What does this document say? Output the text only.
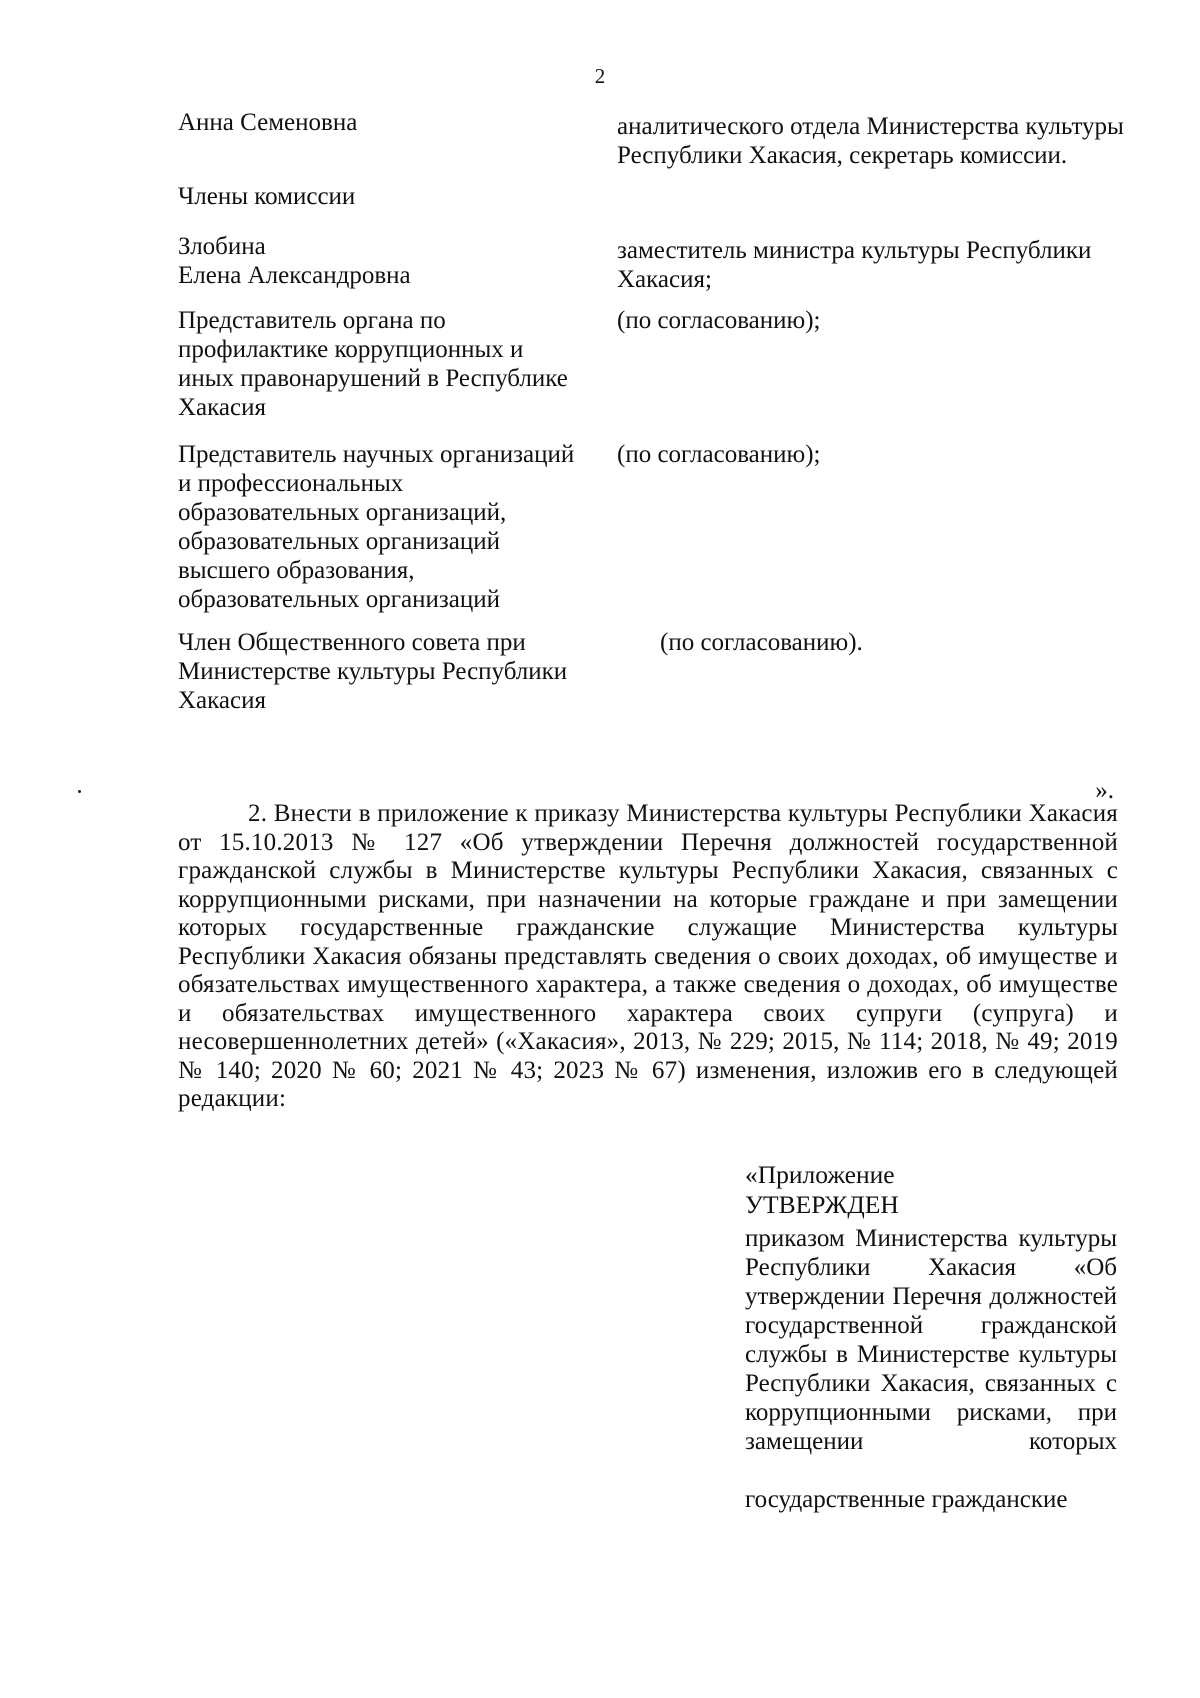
2
Анна Семеновна	аналитического отдела Министерства культуры
Республики Хакасия, секретарь комиссии.
Члены комиссии
Злобина
Елена Александровна
заместитель министра культуры Республики
Хакасия;
Представитель органа по
профилактике коррупционных и
иных правонарушений в Республике
Хакасия
(по согласованию);
Представитель научных организаций
и профессиональных
образовательных организаций,
образовательных организаций
высшего образования,
образовательных организаций
(по согласованию);
Член Общественного совета при
Министерстве культуры Республики
Хакасия
(по согласованию).
».
2. Внести в приложение к приказу Министерства культуры Республики Хакасия от 15.10.2013 № 127 «Об утверждении Перечня должностей государственной гражданской службы в Министерстве культуры Республики Хакасия, связанных с коррупционными рисками, при назначении на которые граждане и при замещении которых государственные гражданские служащие Министерства культуры Республики Хакасия обязаны представлять сведения о своих доходах, об имуществе и обязательствах имущественного характера, а также сведения о доходах, об имуществе и обязательствах имущественного характера своих супруги (супруга) и несовершеннолетних детей» («Хакасия», 2013, № 229; 2015, № 114; 2018, № 49; 2019 № 140; 2020 № 60; 2021 № 43; 2023 № 67) изменения, изложив его в следующей редакции:
«Приложение
УТВЕРЖДЕН
приказом Министерства культуры Республики Хакасия «Об утверждении Перечня должностей государственной гражданской службы в Министерстве культуры Республики Хакасия, связанных с коррупционными рисками, при замещении которых
государственные гражданские
